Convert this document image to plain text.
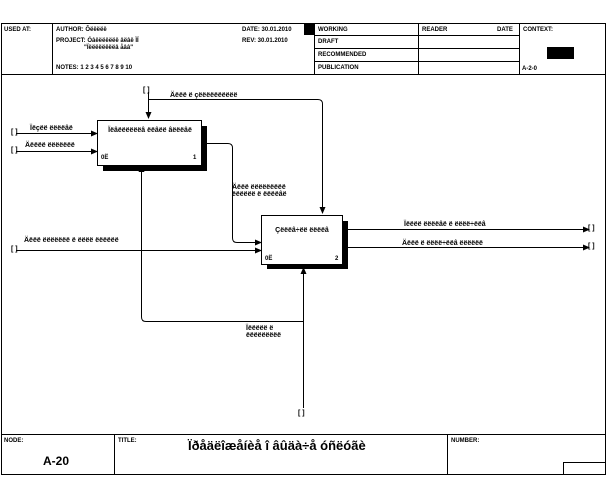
USED AT:	AUTHOR: Ôëëëëë	DATE: 30.01.2010
PROJECT: Óâëëëëëëë âëâë ÏÏ
"Ïëëëëëëëëâ åââ"
REV: 30.01.2010
NOTES: 1 2 3 4 5 6 7 8 9 10
WORKING
DRAFT
RECOMMENDED
PUBLICATION
READER	DATE CONTEXT:
A-2-0
Ïëâëëëëëëâ ëëâëë âëëëâë
0Ë	1
Çëëëâ÷ëë ëëëëâ
0Ë	2
Äëëë ë çëëëëëëëëëë
Ïëçëë ëëëëâë
Äëëëë ëëëëëëë
Äëëë ëëëëëëëëë ëëëëëë ë ëëëëâë
Äëëë ëëëëëëë ë ëëëë ëëëëëë
Ïëëëë ëëëëâë ë ëëëë÷ëëâ
Äëëë ë ëëëë÷ëëâ ëëëëëë
Ïëëëëë ë ëëëëëëëëë
[ ]
[ ]
[ ]
[ ]
[ ]
[ ]
[ ]
NODE:
A-20
TITLE:	Ïðåäëîæåíèå î âûäà÷å óñëóãè	NUMBER:
